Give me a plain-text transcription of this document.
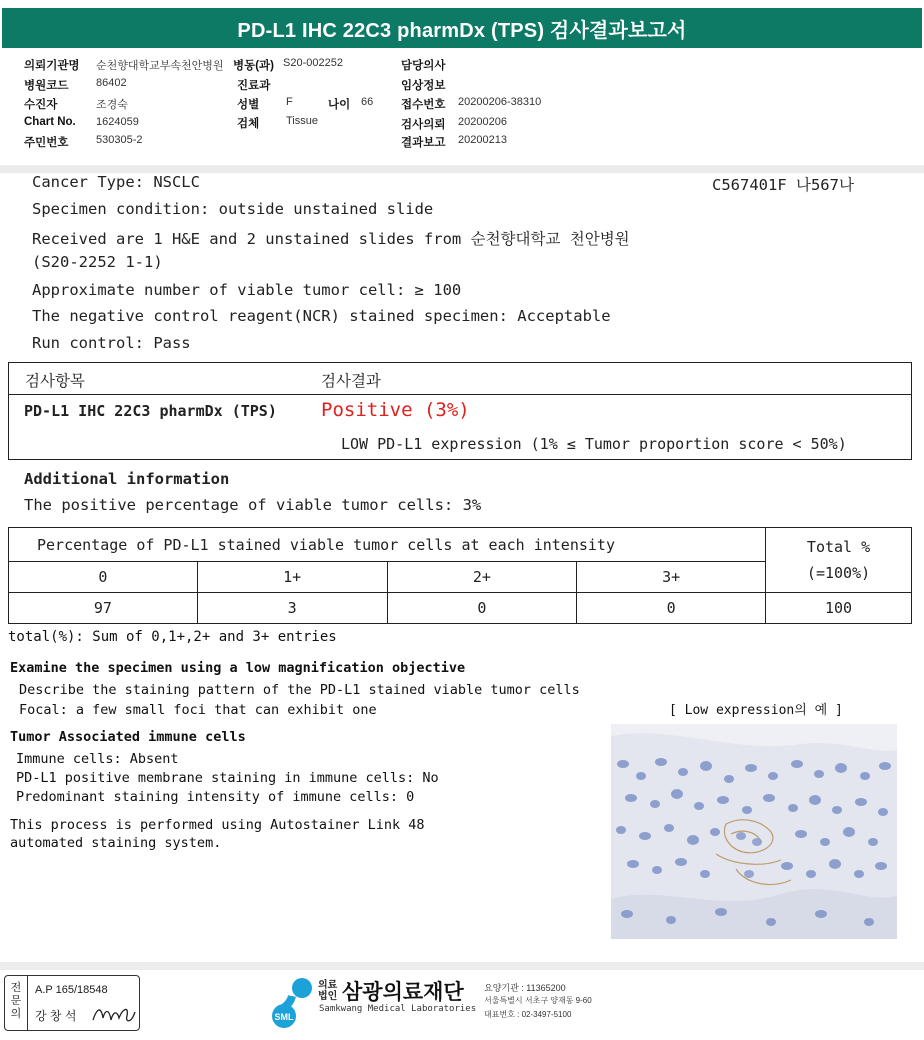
PD-L1 IHC 22C3 pharmDx (TPS) 검사결과보고서
의뢰기관명 순천향대학교부속천안병원 병동(과) S20-002252	담당의사
병원코드	86402	진료과	임상정보
수진자	조경숙	성별 F	나이 66 접수번호 20200206-38310
Chart No. 1624059	검체 Tissue	검사의뢰 20200206
주민번호	530305-2	결과보고 20200213
Cancer Type: NSCLC	C567401F 나567나
Specimen condition: outside unstained slide
Received are 1 H&E and 2 unstained slides from 순천향대학교 천안병원
(S20-2252 1-1)
Approximate number of viable tumor cell: ≥ 100
The negative control reagent(NCR) stained specimen: Acceptable
Run control: Pass
검사항목	검사결과
PD-L1 IHC 22C3 pharmDx (TPS) Positive (3%)
LOW PD-L1 expression (1% ≤ Tumor proportion score < 50%)
Additional information
The positive percentage of viable tumor cells: 3%
Percentage of PD-L1 stained viable tumor cells at each intensity				Total %
(=100%)

0	1+	2+	3+	
97	3	0	0	100
total(%): Sum of 0,1+,2+ and 3+ entries
Examine the specimen using a low magnification objective
Describe the staining pattern of the PD-L1 stained viable tumor cells
Focal: a few small foci that can exhibit one
Tumor Associated immune cells
Immune cells: Absent
PD-L1 positive membrane staining in immune cells: No
Predominant staining intensity of immune cells: 0
This process is performed using Autostainer Link 48
automated staining system.
[ Low expression의 예 ]
전문의
A.P 165/18548
강 창 석	SML
의료법인 삼광의료재단
Samkwang Medical Laboratories
요양기관 : 11365200
서울특별시 서초구 양재동 9-60
대표번호 : 02-3497-5100
